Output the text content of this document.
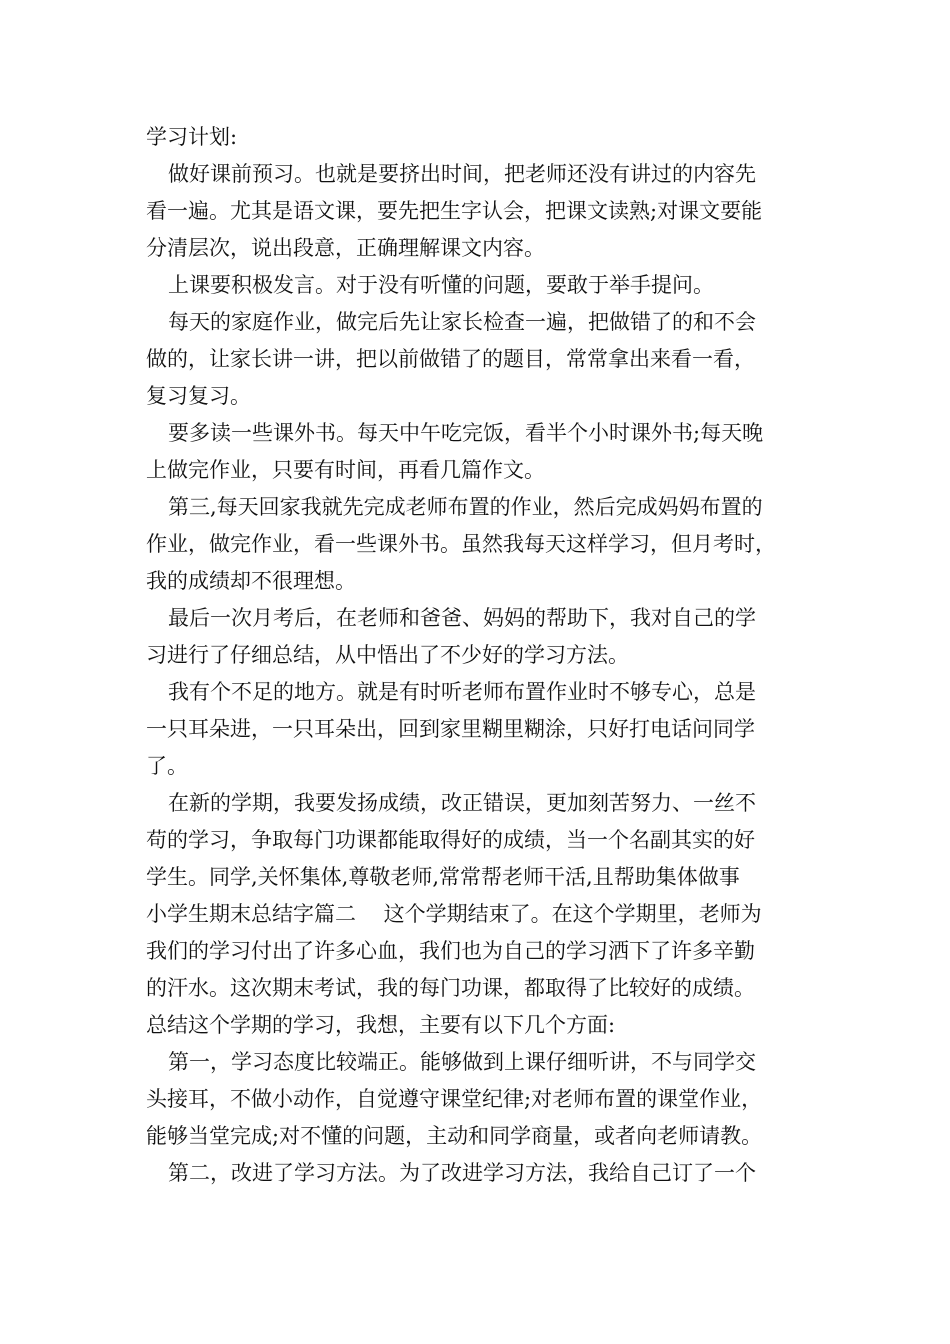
学习计划:
做好课前预习。也就是要挤出时间，把老师还没有讲过的内容先
看一遍。尤其是语文课，要先把生字认会，把课文读熟;对课文要能
分清层次，说出段意，正确理解课文内容。
上课要积极发言。对于没有听懂的问题，要敢于举手提问。
每天的家庭作业，做完后先让家长检查一遍，把做错了的和不会
做的，让家长讲一讲，把以前做错了的题目，常常拿出来看一看，
复习复习。
要多读一些课外书。每天中午吃完饭，看半个小时课外书;每天晚
上做完作业，只要有时间，再看几篇作文。
第三,每天回家我就先完成老师布置的作业，然后完成妈妈布置的
作业，做完作业，看一些课外书。虽然我每天这样学习，但月考时，
我的成绩却不很理想。
最后一次月考后，在老师和爸爸、妈妈的帮助下，我对自己的学
习进行了仔细总结，从中悟出了不少好的学习方法。
我有个不足的地方。就是有时听老师布置作业时不够专心，总是
一只耳朵进，一只耳朵出，回到家里糊里糊涂，只好打电话问同学
了。
在新的学期，我要发扬成绩，改正错误，更加刻苦努力、一丝不
苟的学习，争取每门功课都能取得好的成绩，当一个名副其实的好
学生。同学,关怀集体,尊敬老师,常常帮老师干活,且帮助集体做事
小学生期末总结字篇二　 这个学期结束了。在这个学期里，老师为
我们的学习付出了许多心血，我们也为自己的学习洒下了许多辛勤
的汗水。这次期末考试，我的每门功课，都取得了比较好的成绩。
总结这个学期的学习，我想，主要有以下几个方面:
第一，学习态度比较端正。能够做到上课仔细听讲，不与同学交
头接耳，不做小动作，自觉遵守课堂纪律;对老师布置的课堂作业，
能够当堂完成;对不懂的问题，主动和同学商量，或者向老师请教。
第二，改进了学习方法。为了改进学习方法，我给自己订了一个
